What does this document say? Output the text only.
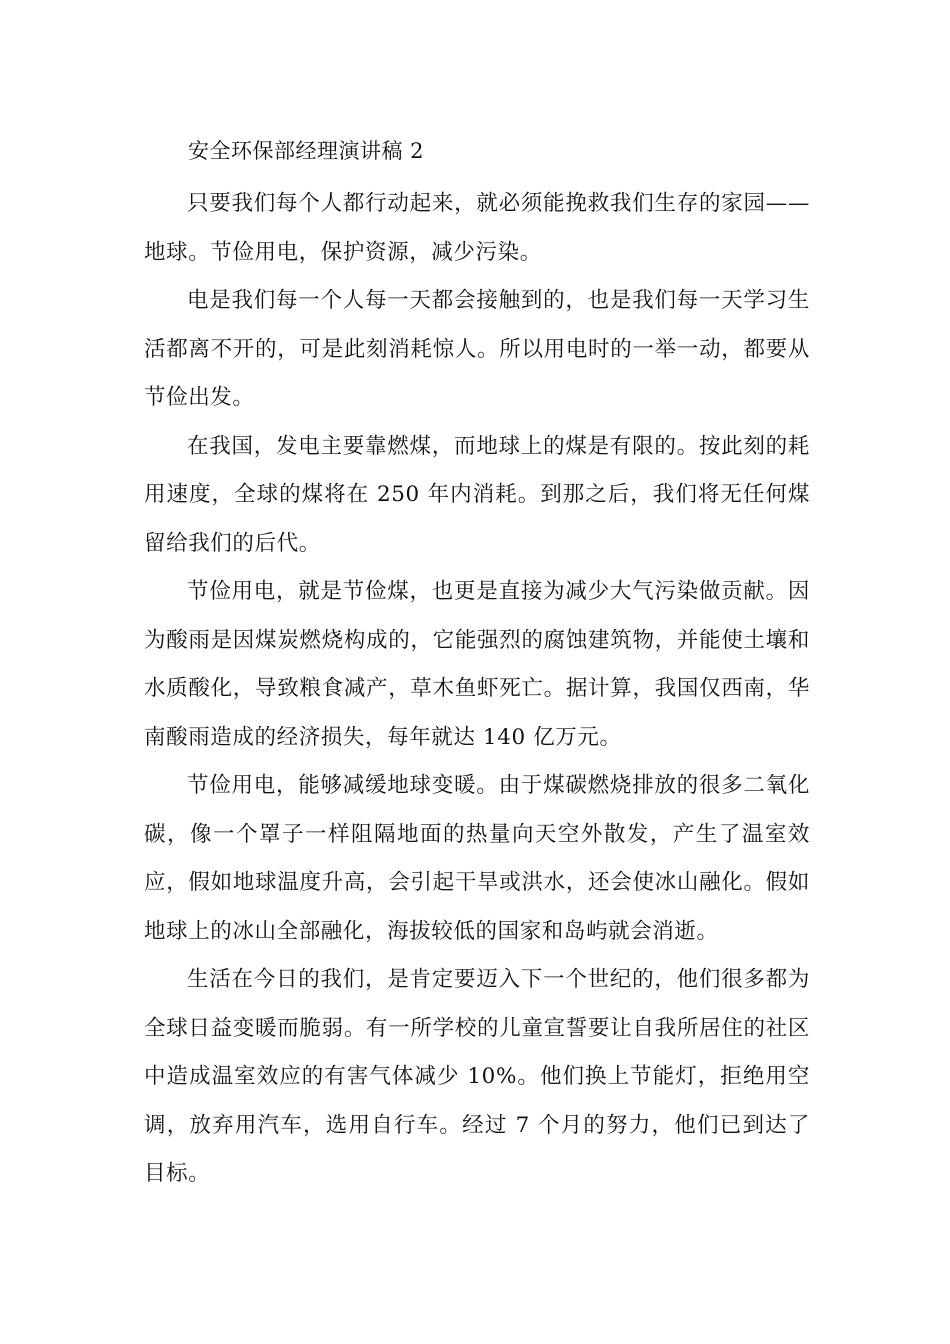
安全环保部经理演讲稿 2

只要我们每个人都行动起来，就必须能挽救我们生存的家园——地球。节俭用电，保护资源，减少污染。

电是我们每一个人每一天都会接触到的，也是我们每一天学习生活都离不开的，可是此刻消耗惊人。所以用电时的一举一动，都要从节俭出发。

在我国，发电主要靠燃煤，而地球上的煤是有限的。按此刻的耗用速度，全球的煤将在 250 年内消耗。到那之后，我们将无任何煤留给我们的后代。

节俭用电，就是节俭煤，也更是直接为减少大气污染做贡献。因为酸雨是因煤炭燃烧构成的，它能强烈的腐蚀建筑物，并能使土壤和水质酸化，导致粮食减产，草木鱼虾死亡。据计算，我国仅西南，华南酸雨造成的经济损失，每年就达 140 亿万元。

节俭用电，能够减缓地球变暖。由于煤碳燃烧排放的很多二氧化碳，像一个罩子一样阻隔地面的热量向天空外散发，产生了温室效应，假如地球温度升高，会引起干旱或洪水，还会使冰山融化。假如地球上的冰山全部融化，海拔较低的国家和岛屿就会消逝。

生活在今日的我们，是肯定要迈入下一个世纪的，他们很多都为全球日益变暖而脆弱。有一所学校的儿童宣誓要让自我所居住的社区中造成温室效应的有害气体减少 10%。他们换上节能灯，拒绝用空调，放弃用汽车，选用自行车。经过 7 个月的努力，他们已到达了目标。
